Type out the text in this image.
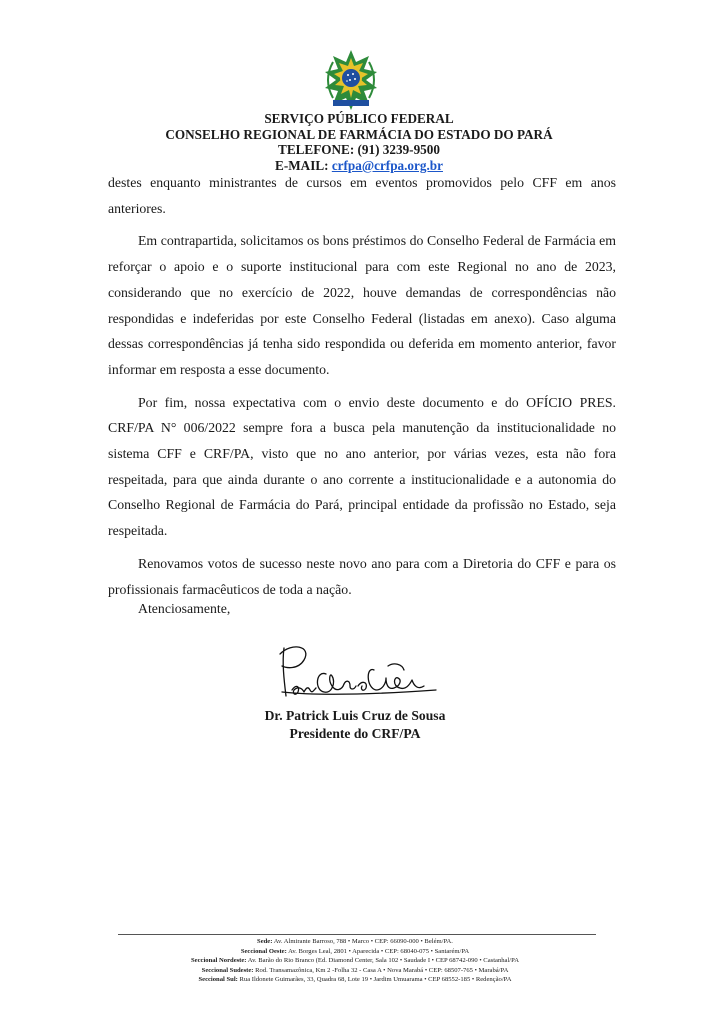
SERVIÇO PÚBLICO FEDERAL
CONSELHO REGIONAL DE FARMÁCIA DO ESTADO DO PARÁ
TELEFONE: (91) 3239-9500
E-MAIL: crfpa@crfpa.org.br

destes enquanto ministrantes de cursos em eventos promovidos pelo CFF em anos anteriores.

Em contrapartida, solicitamos os bons préstimos do Conselho Federal de Farmácia em reforçar o apoio e o suporte institucional para com este Regional no ano de 2023, considerando que no exercício de 2022, houve demandas de correspondências não respondidas e indeferidas por este Conselho Federal (listadas em anexo). Caso alguma dessas correspondências já tenha sido respondida ou deferida em momento anterior, favor informar em resposta a esse documento.

Por fim, nossa expectativa com o envio deste documento e do OFÍCIO PRES. CRF/PA N° 006/2022 sempre fora a busca pela manutenção da institucionalidade no sistema CFF e CRF/PA, visto que no ano anterior, por várias vezes, esta não fora respeitada, para que ainda durante o ano corrente a institucionalidade e a autonomia do Conselho Regional de Farmácia do Pará, principal entidade da profissão no Estado, seja respeitada.

Renovamos votos de sucesso neste novo ano para com a Diretoria do CFF e para os profissionais farmacêuticos de toda a nação.

Atenciosamente,
Dr. Patrick Luis Cruz de Sousa
Presidente do CRF/PA
Sede: Av. Almirante Barroso, 788 • Marco • CEP: 66090-000 • Belém/PA.
Seccional Oeste: Av. Borges Leal, 2801 • Aparecida • CEP: 68040-075 • Santarém/PA
Seccional Nordeste: Av. Barão do Rio Branco (Ed. Diamond Center, Sala 102 • Saudade I • CEP 68742-090 • Castanhal/PA
Seccional Sudeste: Rod. Transamazônica, Km 2 -Folha 32 - Casa A • Nova Marabá • CEP: 68507-765 • Marabá/PA
Seccional Sul: Rua Ildonete Guimarães, 33, Quadra 68, Lote 19 • Jardim Umuarama • CEP 68552-185 • Redenção/PA
